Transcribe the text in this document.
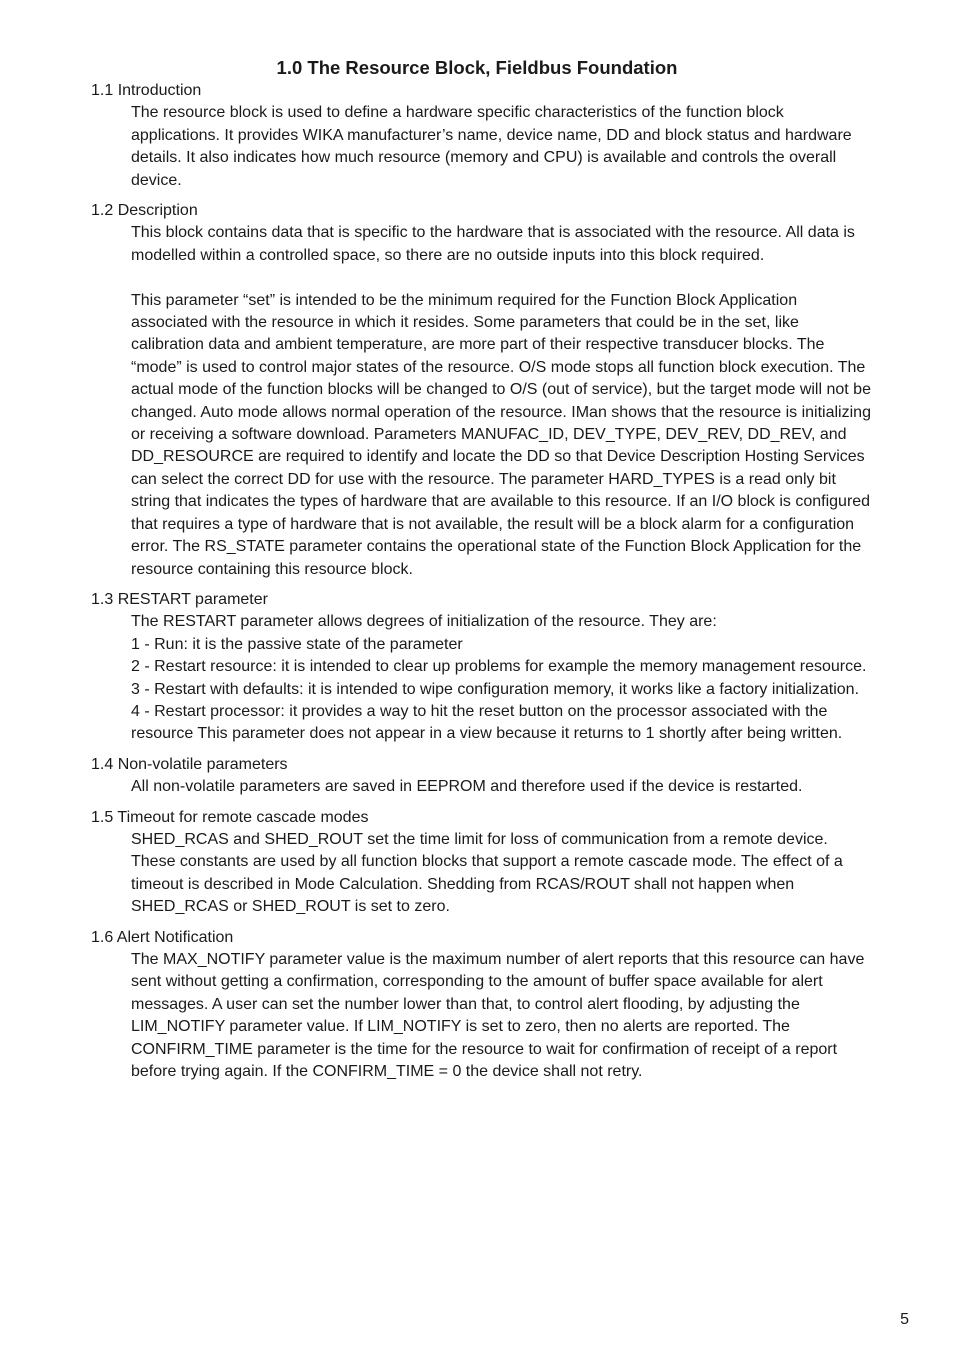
1.0 The Resource Block, Fieldbus Foundation
1.1 Introduction

The resource block is used to define a hardware specific characteristics of the function block applications. It provides WIKA manufacturer’s name, device name, DD and block status and hardware details. It also indicates how much resource (memory and CPU) is available and controls the overall device.

1.2 Description

This block contains data that is specific to the hardware that is associated with the resource. All data is modelled within a controlled space, so there are no outside inputs into this block required.

This parameter “set” is intended to be the minimum required for the Function Block Application associated with the resource in which it resides. Some parameters that could be in the set, like calibration data and ambient temperature, are more part of their respective transducer blocks. The “mode” is used to control major states of the resource. O/S mode stops all function block execution. The actual mode of the function blocks will be changed to O/S (out of service), but the target mode will not be changed. Auto mode allows normal operation of the resource. IMan shows that the resource is initializing or receiving a software download. Parameters MANUFAC_ID, DEV_TYPE, DEV_REV, DD_REV, and DD_RESOURCE are required to identify and locate the DD so that Device Description Hosting Services can select the correct DD for use with the resource. The parameter HARD_TYPES is a read only bit string that indicates the types of hardware that are available to this resource. If an I/O block is configured that requires a type of hardware that is not available, the result will be a block alarm for a configuration error. The RS_STATE parameter contains the operational state of the Function Block Application for the resource containing this resource block.

1.3 RESTART parameter

The RESTART parameter allows degrees of initialization of the resource. They are:

1 - Run: it is the passive state of the parameter

2 - Restart resource: it is intended to clear up problems for example the memory management resource.

3 - Restart with defaults: it is intended to wipe configuration memory, it works like a factory initialization.

4 - Restart processor: it provides a way to hit the reset button on the processor associated with the resource This parameter does not appear in a view because it returns to 1 shortly after being written.

1.4 Non-volatile parameters

All non-volatile parameters are saved in EEPROM and therefore used if the device is restarted.

1.5 Timeout for remote cascade modes

SHED_RCAS and SHED_ROUT set the time limit for loss of communication from a remote device. These constants are used by all function blocks that support a remote cascade mode. The effect of a timeout is described in Mode Calculation. Shedding from RCAS/ROUT shall not happen when SHED_RCAS or SHED_ROUT is set to zero.

1.6 Alert Notification

The MAX_NOTIFY parameter value is the maximum number of alert reports that this resource can have sent without getting a confirmation, corresponding to the amount of buffer space available for alert messages. A user can set the number lower than that, to control alert flooding, by adjusting the LIM_NOTIFY parameter value. If LIM_NOTIFY is set to zero, then no alerts are reported. The CONFIRM_TIME parameter is the time for the resource to wait for confirmation of receipt of a report before trying again. If the CONFIRM_TIME = 0 the device shall not retry.

5
